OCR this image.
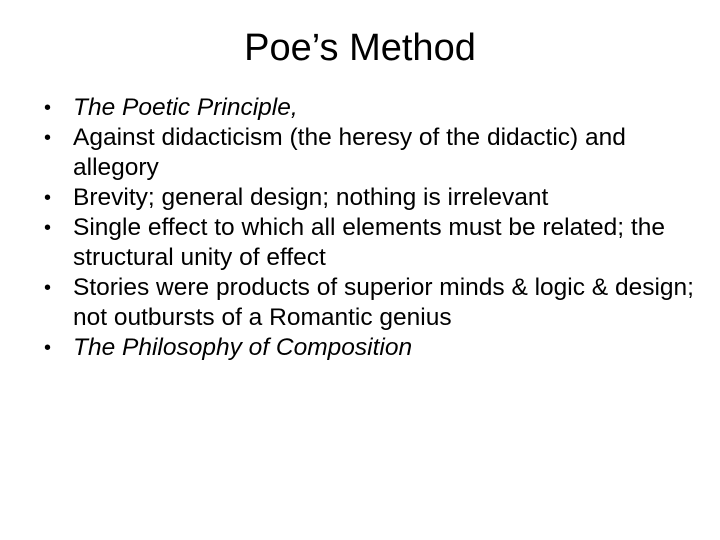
Poe’s Method
• The Poetic Principle,
• Against didacticism (the heresy of the didactic) and allegory
• Brevity; general design; nothing is irrelevant
• Single effect to which all elements must be related; the structural unity of effect
• Stories were products of superior minds & logic & design; not outbursts of a Romantic genius
• The Philosophy of Composition
